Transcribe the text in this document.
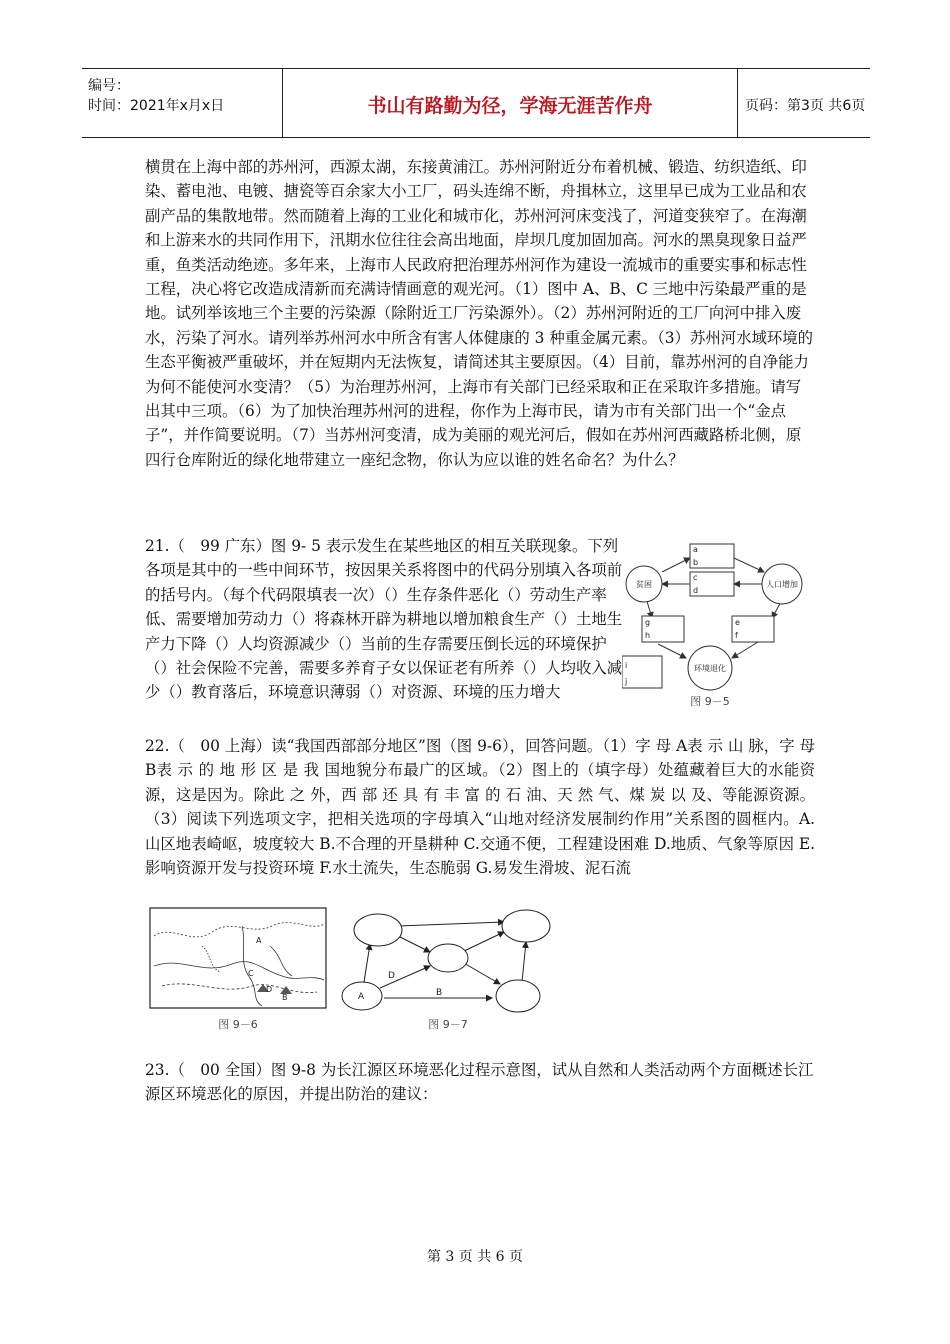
编号：
时间：2021年x月x日	书山有路勤为径，学海无涯苦作舟	页码：第3页 共6页

横贯在上海中部的苏州河，西源太湖，东接黄浦江。苏州河附近分布着机械、锻造、纺织造纸、印染、蓄电池、电镀、搪瓷等百余家大小工厂，码头连绵不断，舟揖林立，这里早已成为工业品和农副产品的集散地带。然而随着上海的工业化和城市化，苏州河河床变浅了，河道变狭窄了。在海潮和上游来水的共同作用下，汛期水位往往会高出地面，岸坝几度加固加高。河水的黑臭现象日益严重，鱼类活动绝迹。多年来，上海市人民政府把治理苏州河作为建设一流城市的重要实事和标志性工程，决心将它改造成清新而充满诗情画意的观光河。（1）图中 A、B、C 三地中污染最严重的是地。试列举该地三个主要的污染源（除附近工厂污染源外）。（2）苏州河附近的工厂向河中排入废水，污染了河水。请列举苏州河水中所含有害人体健康的 3 种重金属元素。（3）苏州河水域环境的生态平衡被严重破坏，并在短期内无法恢复，请简述其主要原因。（4）目前，靠苏州河的自净能力为何不能使河水变清？（5）为治理苏州河，上海市有关部门已经采取和正在采取许多措施。请写出其中三项。（6）为了加快治理苏州河的进程，你作为上海市民，请为市有关部门出一个“金点子”，并作简要说明。（7）当苏州河变清，成为美丽的观光河后，假如在苏州河西藏路桥北侧，原四行仓库附近的绿化地带建立一座纪念物，你认为应以谁的姓名命名？为什么？

21.（　99 广东）图 9- 5 表示发生在某些地区的相互关联现象。下列各项是其中的一些中间环节，按因果关系将图中的代码分别填入各项前的括号内。（每个代码限填表一次）（）生存条件恶化（）劳动生产率低、需要增加劳动力（）将森林开辟为耕地以增加粮食生产（）土地生产力下降（）人均资源减少（）当前的生存需要压倒长远的环境保护（）社会保险不完善，需要多养育子女以保证老有所养（）人均收入减少（）教育落后，环境意识薄弱（）对资源、环境的压力增大

a
b
c
d
g
h
e
f
i
j
贫困	人口增加
环境退化
图 9－5

22.（　00 上海）读“我国西部部分地区”图（图 9-6），回答问题。（1）字 母 A表 示 山 脉，字 母 B表 示 的 地 形 区 是 我 国地貌分布最广的区域。（2）图上的（填字母）处蕴藏着巨大的水能资源，这是因为。除此 之 外，西 部 还 具 有 丰 富 的 石 油、天 然 气、煤 炭 以 及、等能源资源。（3）阅读下列选项文字，把相关选项的字母填入“山地对经济发展制约作用”关系图的圆框内。A.山区地表崎岖，坡度较大 B.不合理的开垦耕种 C.交通不便，工程建设困难 D.地质、气象等原因 E.影响资源开发与投资环境 F.水土流失，生态脆弱 G.易发生滑坡、泥石流

A
C
D
B
图 9－6
A
D
B
图 9－7

23.（　00 全国）图 9-8 为长江源区环境恶化过程示意图，试从自然和人类活动两个方面概述长江源区环境恶化的原因，并提出防治的建议：

第 3 页 共 6 页
